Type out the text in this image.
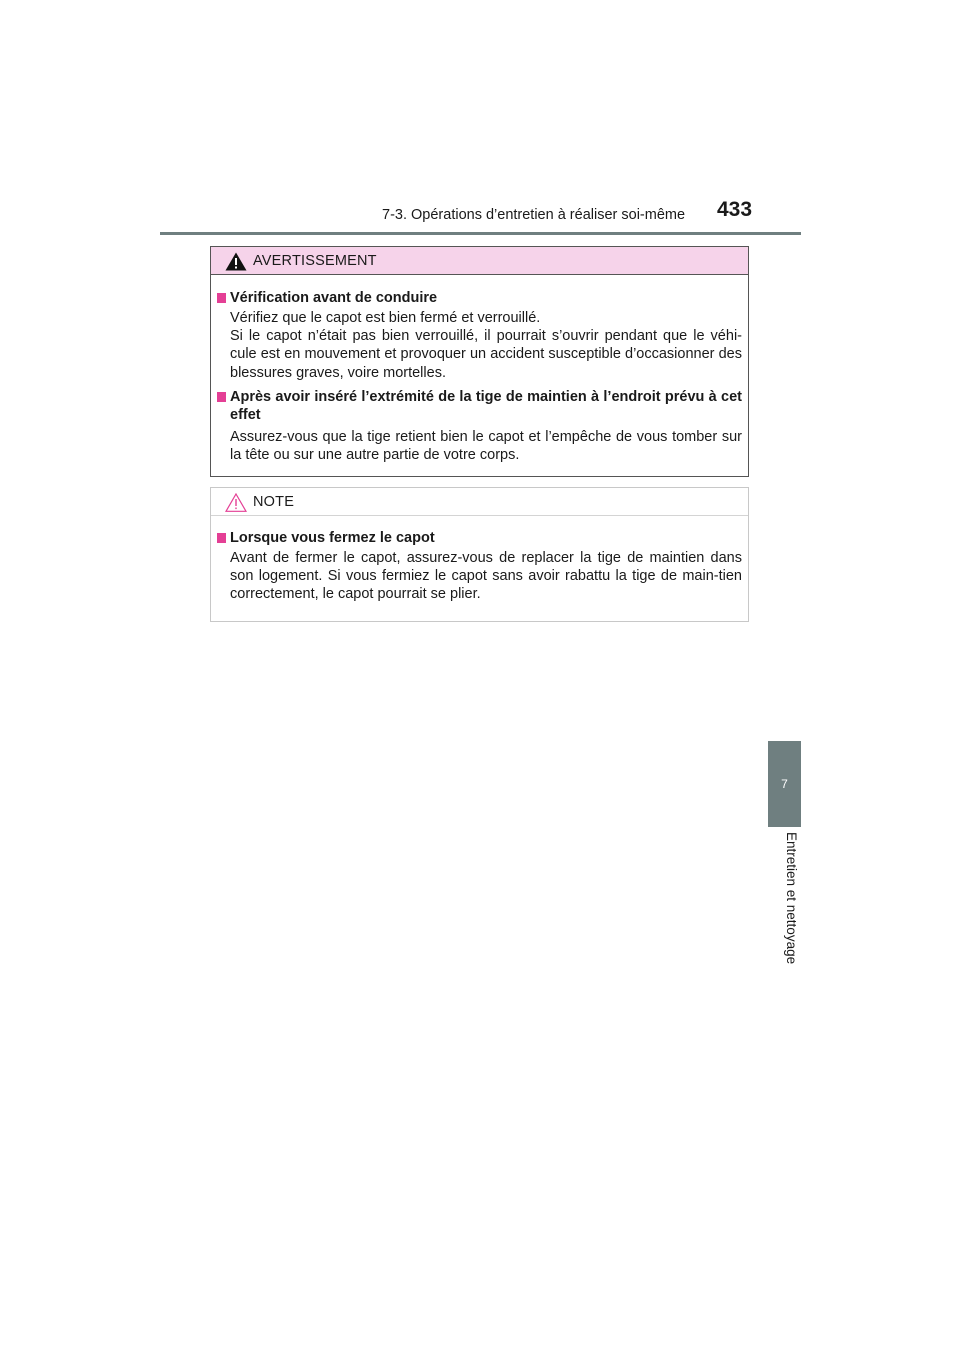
7-3. Opérations d’entretien à réaliser soi-même 433
7
Entretien et nettoyage
AVERTISSEMENT
Vérification avant de conduire
Vérifiez que le capot est bien fermé et verrouillé.
Si le capot n’était pas bien verrouillé, il pourrait s’ouvrir pendant que le véhi-cule est en mouvement et provoquer un accident susceptible d’occasionner des blessures graves, voire mortelles.
Après avoir inséré l’extrémité de la tige de maintien à l’endroit prévu à cet effet
Assurez-vous que la tige retient bien le capot et l’empêche de vous tomber sur la tête ou sur une autre partie de votre corps.
NOTE
Lorsque vous fermez le capot
Avant de fermer le capot, assurez-vous de replacer la tige de maintien dans son logement. Si vous fermiez le capot sans avoir rabattu la tige de main-tien correctement, le capot pourrait se plier.
